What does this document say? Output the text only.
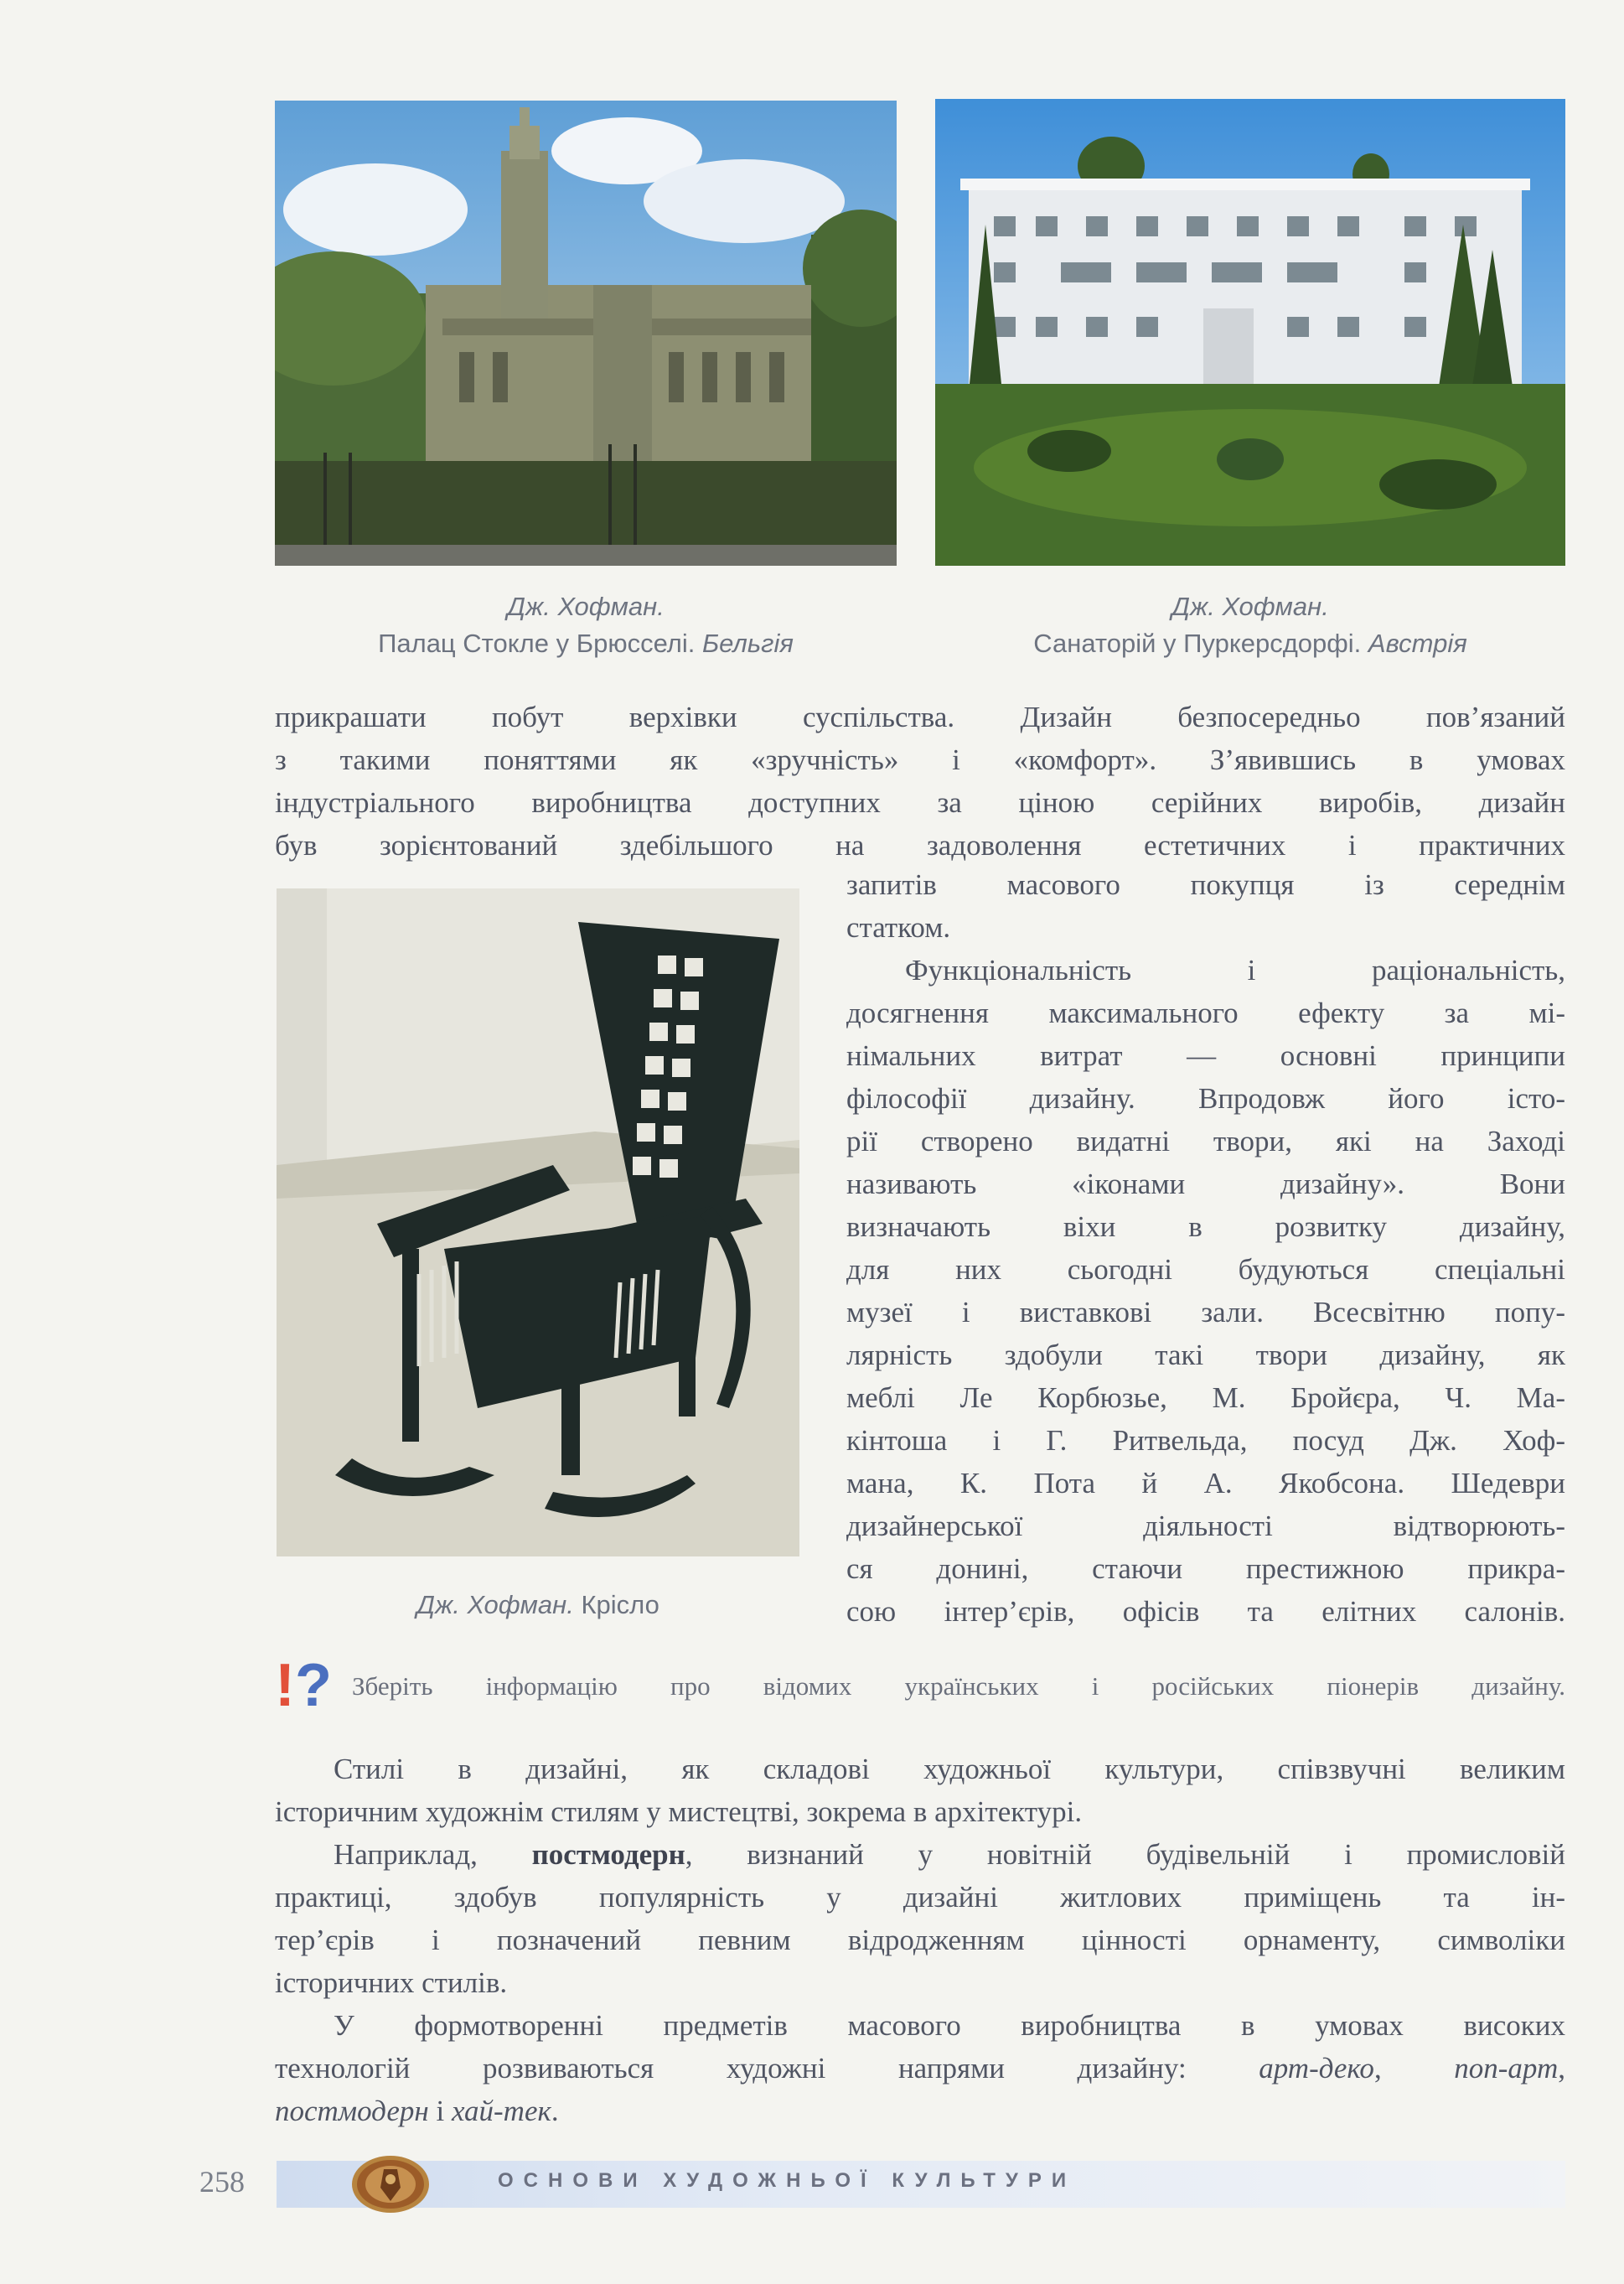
Дж. Хофман.
Палац Стокле у Брюсселі. Бельгія
Дж. Хофман.
Санаторій у Пуркерсдорфі. Австрія
прикрашати побут верхівки суспільства. Дизайн безпосередньо пов’язаний
з такими поняттями як «зручність» і «комфорт». З’явившись в умовах
індустріального виробництва доступних за ціною серійних виробів, дизайн
був зорієнтований здебільшого на задоволення естетичних і практичних
Дж. Хофман. Крісло
запитів масового покупця із середнім
статком.
Функціональність і раціональність,
досягнення максимального ефекту за мі-
німальних витрат — основні принципи
філософії дизайну. Впродовж його істо-
рії створено видатні твори, які на Заході
називають «іконами дизайну». Вони
визначають віхи в розвитку дизайну,
для них сьогодні будуються спеціальні
музеї і виставкові зали. Всесвітню попу-
лярність здобули такі твори дизайну, як
меблі Ле Корбюзье, М. Бройєра, Ч. Ма-
кінтоша і Г. Ритвельда, посуд Дж. Хоф-
мана, К. Пота й А. Якобсона. Шедеври
дизайнерської діяльності відтворюють-
ся донині, стаючи престижною прикра-
сою інтер’єрів, офісів та елітних салонів.
!? Зберіть інформацію про відомих українських і російських піонерів дизайну.
Стилі в дизайні, як складові художньої культури, співзвучні великим
історичним художнім стилям у мистецтві, зокрема в архітектурі.
Наприклад, постмодерн, визнаний у новітній будівельній і промисловій
практиці, здобув популярність у дизайні житлових приміщень та ін-
тер’єрів і позначений певним відродженням цінності орнаменту, символіки
історичних стилів.
У формотворенні предметів масового виробництва в умовах високих
технологій розвиваються художні напрями дизайну: арт-деко, поп-арт,
постмодерн і хай-тек.
258	ОСНОВИ ХУДОЖНЬОЇ КУЛЬТУРИ
